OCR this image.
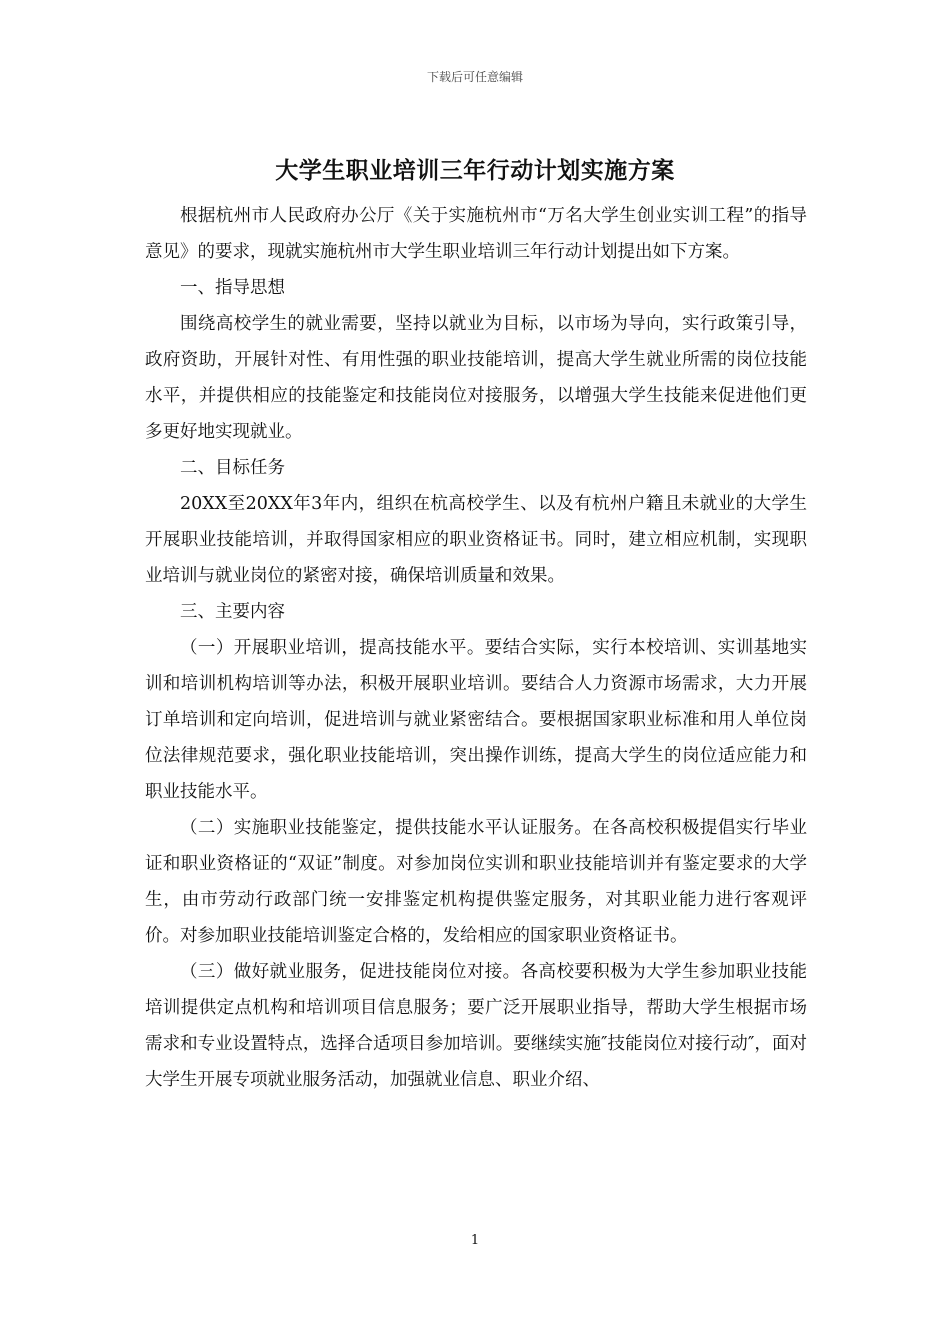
下载后可任意编辑
大学生职业培训三年行动计划实施方案

根据杭州市人民政府办公厅《关于实施杭州市“万名大学生创业实训工程”的指导意见》的要求，现就实施杭州市大学生职业培训三年行动计划提出如下方案。

一、指导思想

围绕高校学生的就业需要，坚持以就业为目标，以市场为导向，实行政策引导，政府资助，开展针对性、有用性强的职业技能培训，提高大学生就业所需的岗位技能水平，并提供相应的技能鉴定和技能岗位对接服务，以增强大学生技能来促进他们更多更好地实现就业。

二、目标任务

20XX至20XX年3年内，组织在杭高校学生、以及有杭州户籍且未就业的大学生开展职业技能培训，并取得国家相应的职业资格证书。同时，建立相应机制，实现职业培训与就业岗位的紧密对接，确保培训质量和效果。

三、主要内容

（一）开展职业培训，提高技能水平。要结合实际，实行本校培训、实训基地实训和培训机构培训等办法，积极开展职业培训。要结合人力资源市场需求，大力开展订单培训和定向培训，促进培训与就业紧密结合。要根据国家职业标准和用人单位岗位法律规范要求，强化职业技能培训，突出操作训练，提高大学生的岗位适应能力和职业技能水平。

（二）实施职业技能鉴定，提供技能水平认证服务。在各高校积极提倡实行毕业证和职业资格证的“双证”制度。对参加岗位实训和职业技能培训并有鉴定要求的大学生，由市劳动行政部门统一安排鉴定机构提供鉴定服务，对其职业能力进行客观评价。对参加职业技能培训鉴定合格的，发给相应的国家职业资格证书。

（三）做好就业服务，促进技能岗位对接。各高校要积极为大学生参加职业技能培训提供定点机构和培训项目信息服务；要广泛开展职业指导，帮助大学生根据市场需求和专业设置特点，选择合适项目参加培训。要继续实施″技能岗位对接行动″，面对大学生开展专项就业服务活动，加强就业信息、职业介绍、

1
